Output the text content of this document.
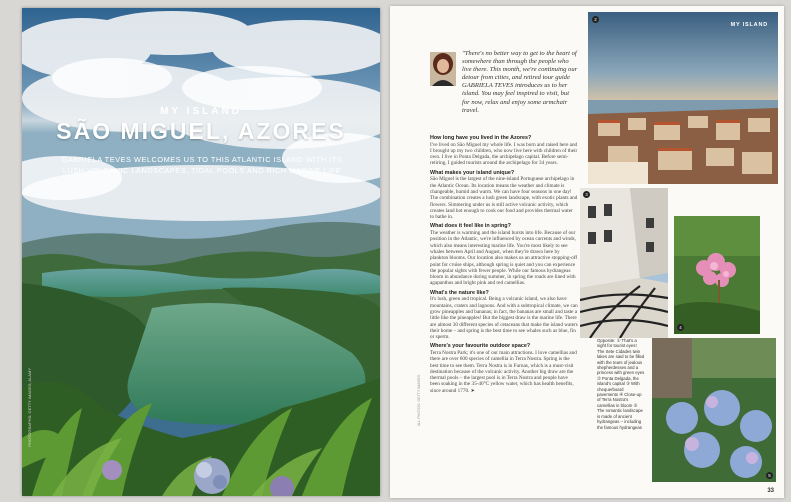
MY ISLAND
SÃO MIGUEL, AZORES
GABRIELA TEVES WELCOMES US TO THIS ATLANTIC ISLAND WITH ITS LUSH VOLCANIC LANDSCAPES, TIDAL POOLS AND RICH MARINE LIFE
PHOTOGRAPHS: GETTY IMAGES; ALAMY
"There's no better way to get to the heart of somewhere than through the people who live there. This month, we're continuing our detour from cities, and retired tour guide GABRIELA TEVES introduces us to her island. You may feel inspired to visit, but for now, relax and enjoy some armchair travel.
How long have you lived in the Azores?

I've lived on São Miguel my whole life. I was born and raised here and I brought up my two children, who now live here with children of their own. I live in Ponta Delgada, the archipelago capital. Before semi-retiring, I guided tourists around the archipelago for 34 years.

What makes your island unique?

São Miguel is the largest of the nine-island Portuguese archipelago in the Atlantic Ocean. Its location means the weather and climate is changeable, humid and warm. We can have four seasons in one day! The combination creates a lush green landscape, with exotic plants and flowers. Simmering under us is still active volcanic activity, which creates land hot enough to cook our food and provides thermal water to bathe in.

What does it feel like in spring?

The weather is warming and the island bursts into life. Because of our position in the Atlantic, we're influenced by ocean currents and winds, which also means interesting marine life. You're most likely to see whales between April and August, when they're drawn here by plankton blooms. Our location also makes us an attractive stopping-off point for cruise ships, although spring is quiet and you can experience the popular sights with fewer people. While our famous hydrangeas bloom in abundance during summer, in spring the roads are lined with agapanthus and bright pink and red camellias.

What's the nature like?

It's lush, green and tropical. Being a volcanic island, we also have mountains, craters and lagoons. And with a subtropical climate, we can grow pineapples and bananas; in fact, the bananas are small and taste a little like the pineapples! But the biggest draw is the marine life. There are almost 30 different species of cetaceans that make the island waters their home – and spring is the best time to see whales such as blue, fin or sperm.

Where's your favourite outdoor space?

Terra Nostra Park; it's one of our main attractions. I love camellias and there are over 600 species of camellia in Terra Nostra. Spring is the best time to see them. Terra Nostra is in Furnas, which is a must-visit destination because of the volcanic activity. Another big draw are the thermal pools – the largest pool is in Terra Nostra and people have been soaking in the 35-40°C yellow water, which has health benefits, since around 1770. ➤

ALL PHOTOS: GETTY IMAGES
2
MY ISLAND
3
4
5
Opposite: ① That's a sight for tourist eyes! The Sete Cidades twin lakes are said to be filled with the tears of jealous shepherdesses and a princess with green eyes ② Ponta Delgada, the island's capital ③ With chequerboard pavements ④ Close-up of Terra Nostra's camellias in bloom ⑤ The romantic landscape is made of ancient hydrangeas – including the famous hydrangeas
33
